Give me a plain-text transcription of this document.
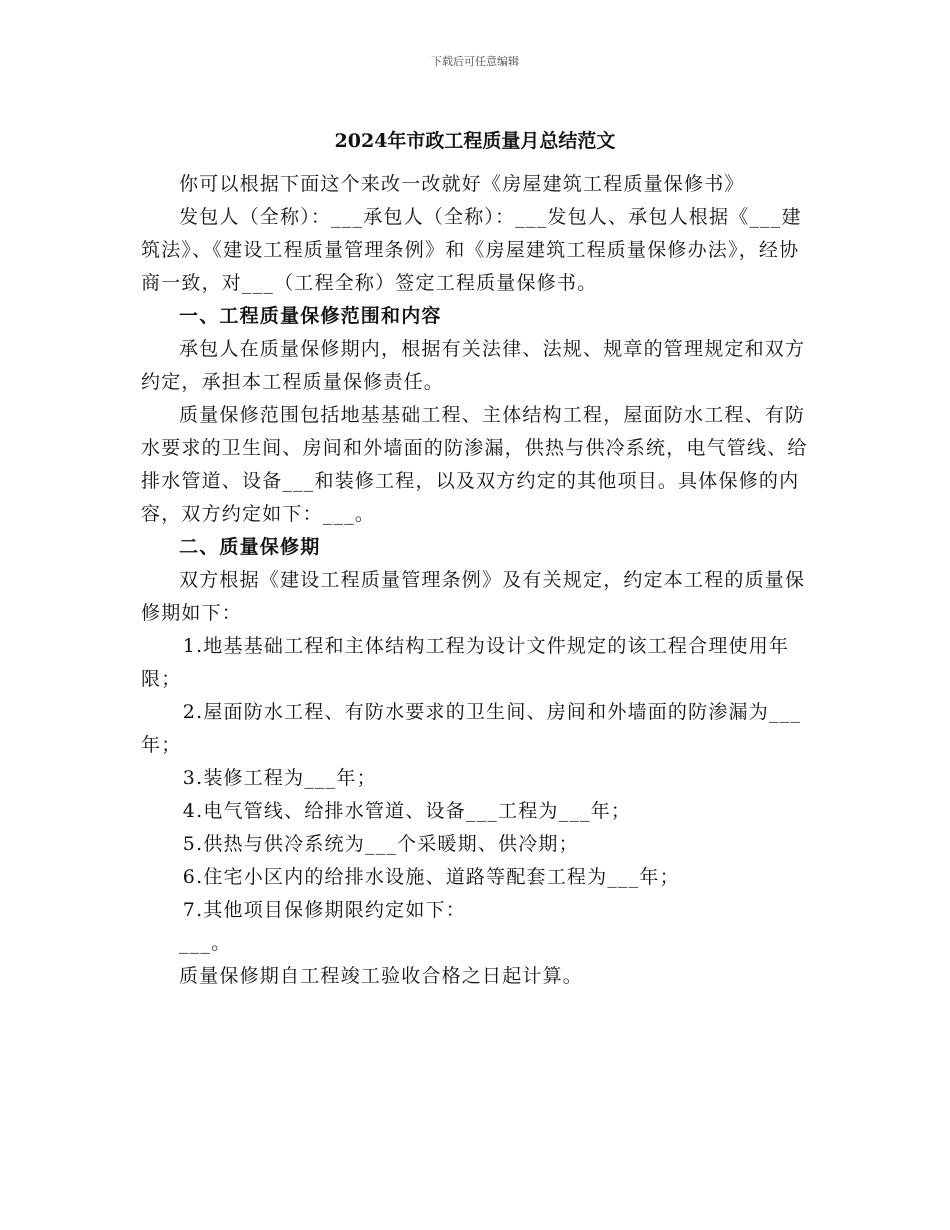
下载后可任意编辑
2024年市政工程质量月总结范文

你可以根据下面这个来改一改就好《房屋建筑工程质量保修书》

发包人（全称）：___承包人（全称）：___发包人、承包人根据《___建筑法》、《建设工程质量管理条例》和《房屋建筑工程质量保修办法》，经协商一致，对___（工程全称）签定工程质量保修书。

一、工程质量保修范围和内容

承包人在质量保修期内，根据有关法律、法规、规章的管理规定和双方约定，承担本工程质量保修责任。

质量保修范围包括地基基础工程、主体结构工程，屋面防水工程、有防水要求的卫生间、房间和外墙面的防渗漏，供热与供冷系统，电气管线、给排水管道、设备___和装修工程，以及双方约定的其他项目。具体保修的内容，双方约定如下：___。

二、质量保修期

双方根据《建设工程质量管理条例》及有关规定，约定本工程的质量保修期如下：

1.地基基础工程和主体结构工程为设计文件规定的该工程合理使用年限；

2.屋面防水工程、有防水要求的卫生间、房间和外墙面的防渗漏为___年；

3.装修工程为___年；

4.电气管线、给排水管道、设备___工程为___年；

5.供热与供冷系统为___个采暖期、供冷期；

6.住宅小区内的给排水设施、道路等配套工程为___年；

7.其他项目保修期限约定如下：

___。

质量保修期自工程竣工验收合格之日起计算。
